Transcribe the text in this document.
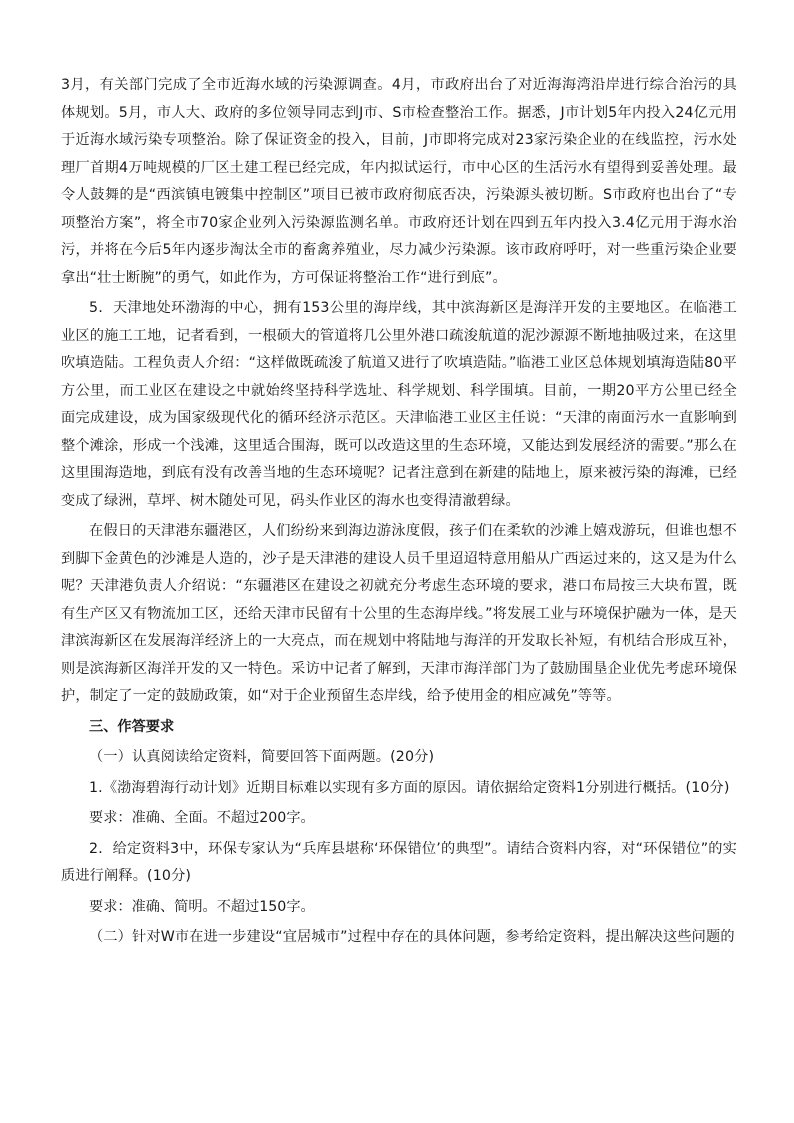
3月，有关部门完成了全市近海水域的污染源调查。4月，市政府出台了对近海海湾沿岸进行综合治污的具体规划。5月，市人大、政府的多位领导同志到J市、S市检查整治工作。据悉，J市计划5年内投入24亿元用于近海水域污染专项整治。除了保证资金的投入，目前，J市即将完成对23家污染企业的在线监控，污水处理厂首期4万吨规模的厂区土建工程已经完成，年内拟试运行，市中心区的生活污水有望得到妥善处理。最令人鼓舞的是“西滨镇电镀集中控制区”项目已被市政府彻底否决，污染源头被切断。S市政府也出台了“专项整治方案”，将全市70家企业列入污染源监测名单。市政府还计划在四到五年内投入3.4亿元用于海水治污，并将在今后5年内逐步淘汰全市的畜禽养殖业，尽力减少污染源。该市政府呼吁，对一些重污染企业要拿出“壮士断腕”的勇气，如此作为，方可保证将整治工作“进行到底”。

5．天津地处环渤海的中心，拥有153公里的海岸线，其中滨海新区是海洋开发的主要地区。在临港工业区的施工工地，记者看到，一根硕大的管道将几公里外港口疏浚航道的泥沙源源不断地抽吸过来，在这里吹填造陆。工程负责人介绍：“这样做既疏浚了航道又进行了吹填造陆。”临港工业区总体规划填海造陆80平方公里，而工业区在建设之中就始终坚持科学选址、科学规划、科学围填。目前，一期20平方公里已经全面完成建设，成为国家级现代化的循环经济示范区。天津临港工业区主任说：“天津的南面污水一直影响到整个滩涂，形成一个浅滩，这里适合围海，既可以改造这里的生态环境，又能达到发展经济的需要。”那么在这里围海造地，到底有没有改善当地的生态环境呢？记者注意到在新建的陆地上，原来被污染的海滩，已经变成了绿洲，草坪、树木随处可见，码头作业区的海水也变得清澈碧绿。

在假日的天津港东疆港区，人们纷纷来到海边游泳度假，孩子们在柔软的沙滩上嬉戏游玩，但谁也想不到脚下金黄色的沙滩是人造的，沙子是天津港的建设人员千里迢迢特意用船从广西运过来的，这又是为什么呢？天津港负责人介绍说：“东疆港区在建设之初就充分考虑生态环境的要求，港口布局按三大块布置，既有生产区又有物流加工区，还给天津市民留有十公里的生态海岸线。”将发展工业与环境保护融为一体，是天津滨海新区在发展海洋经济上的一大亮点，而在规划中将陆地与海洋的开发取长补短，有机结合形成互补，则是滨海新区海洋开发的又一特色。采访中记者了解到，天津市海洋部门为了鼓励围垦企业优先考虑环境保护，制定了一定的鼓励政策，如“对于企业预留生态岸线，给予使用金的相应减免”等等。

三、作答要求

（一）认真阅读给定资料，简要回答下面两题。(20分)

1.《渤海碧海行动计划》近期目标难以实现有多方面的原因。请依据给定资料1分别进行概括。(10分)

要求：准确、全面。不超过200字。

2．给定资料3中，环保专家认为“兵库县堪称‘环保错位’的典型”。请结合资料内容，对“环保错位”的实质进行阐释。(10分)

要求：准确、简明。不超过150字。

（二）针对W市在进一步建设“宜居城市”过程中存在的具体问题，参考给定资料，提出解决这些问题的
